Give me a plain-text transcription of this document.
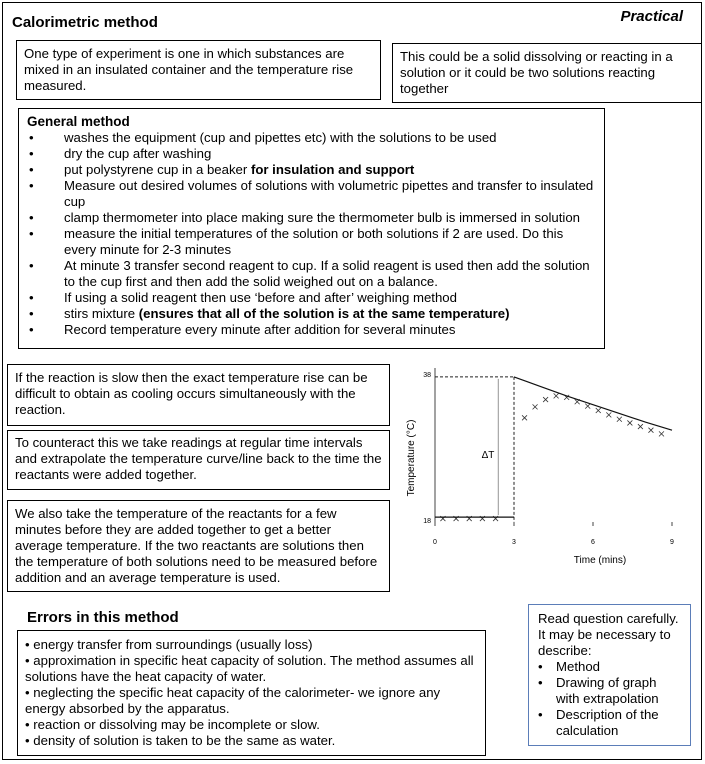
Calorimetric method	Practical
One type of experiment is one in which substances are mixed in an insulated container and the temperature rise measured.
This could be a solid dissolving or reacting in a solution or it could be two solutions reacting together
General method
• washes the equipment (cup and pipettes etc) with the solutions to be used
• dry the cup after washing
• put polystyrene cup in a beaker for insulation and support
• Measure out desired volumes of solutions with volumetric pipettes and transfer to insulated cup
• clamp thermometer into place making sure the thermometer bulb is immersed in solution
• measure the initial temperatures of the solution or both solutions if 2 are used. Do this every minute for 2-3 minutes
• At minute 3 transfer second reagent to cup. If a solid reagent is used then add the solution to the cup first and then add the solid weighed out on a balance.
• If using a solid reagent then use ‘before and after’ weighing method
• stirs mixture (ensures that all of the solution is at the same temperature)
• Record temperature every minute after addition for several minutes
If the reaction is slow then the exact temperature rise can be difficult to obtain as cooling occurs simultaneously with the reaction.
To counteract this we take readings at regular time intervals and extrapolate the temperature curve/line back to the time the reactants were added together.
We also take the temperature of the reactants for a few minutes before they are added together to get a better average temperature. If the two reactants are solutions then the temperature of both solutions need to be measured before addition and an average temperature is used.
0	3	6	9
18
38
Temperature (°C)
Time (mins)
ΔT
Errors in this method

• energy transfer from surroundings (usually loss)

• approximation in specific heat capacity of solution. The method assumes all solutions have the heat capacity of water.

• neglecting the specific heat capacity of the calorimeter- we ignore any energy absorbed by the apparatus.

• reaction or dissolving may be incomplete or slow.

• density of solution is taken to be the same as water.

Read question carefully. It may be necessary to describe:
• Method
• Drawing of graph with extrapolation
• Description of the calculation
